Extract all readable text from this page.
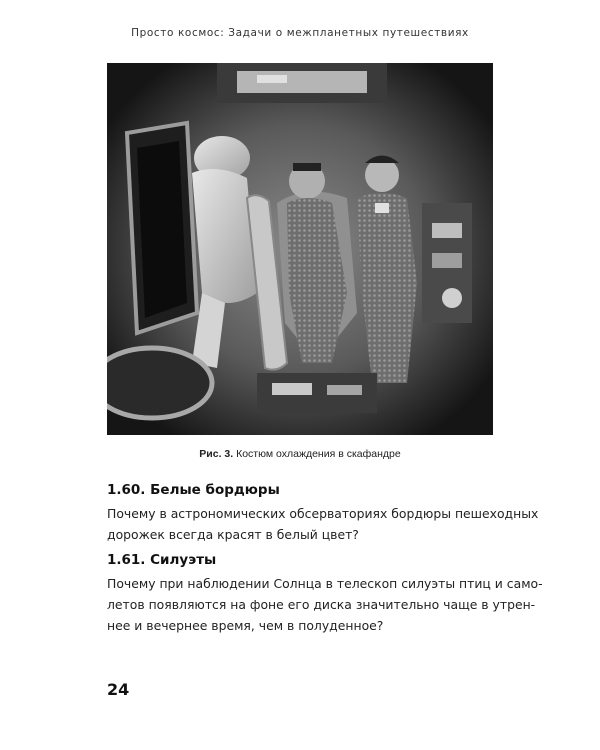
Просто космос: Задачи о межпланетных путешествиях
Рис. 3. Костюм охлаждения в скафандре
1.60. Белые бордюры

Почему в астрономических обсерваториях бордюры пешеходных
дорожек всегда красят в белый цвет?

1.61. Силуэты

Почему при наблюдении Солнца в телескоп силуэты птиц и само-
летов появляются на фоне его диска значительно чаще в утрен-
нее и вечернее время, чем в полуденное?

24
